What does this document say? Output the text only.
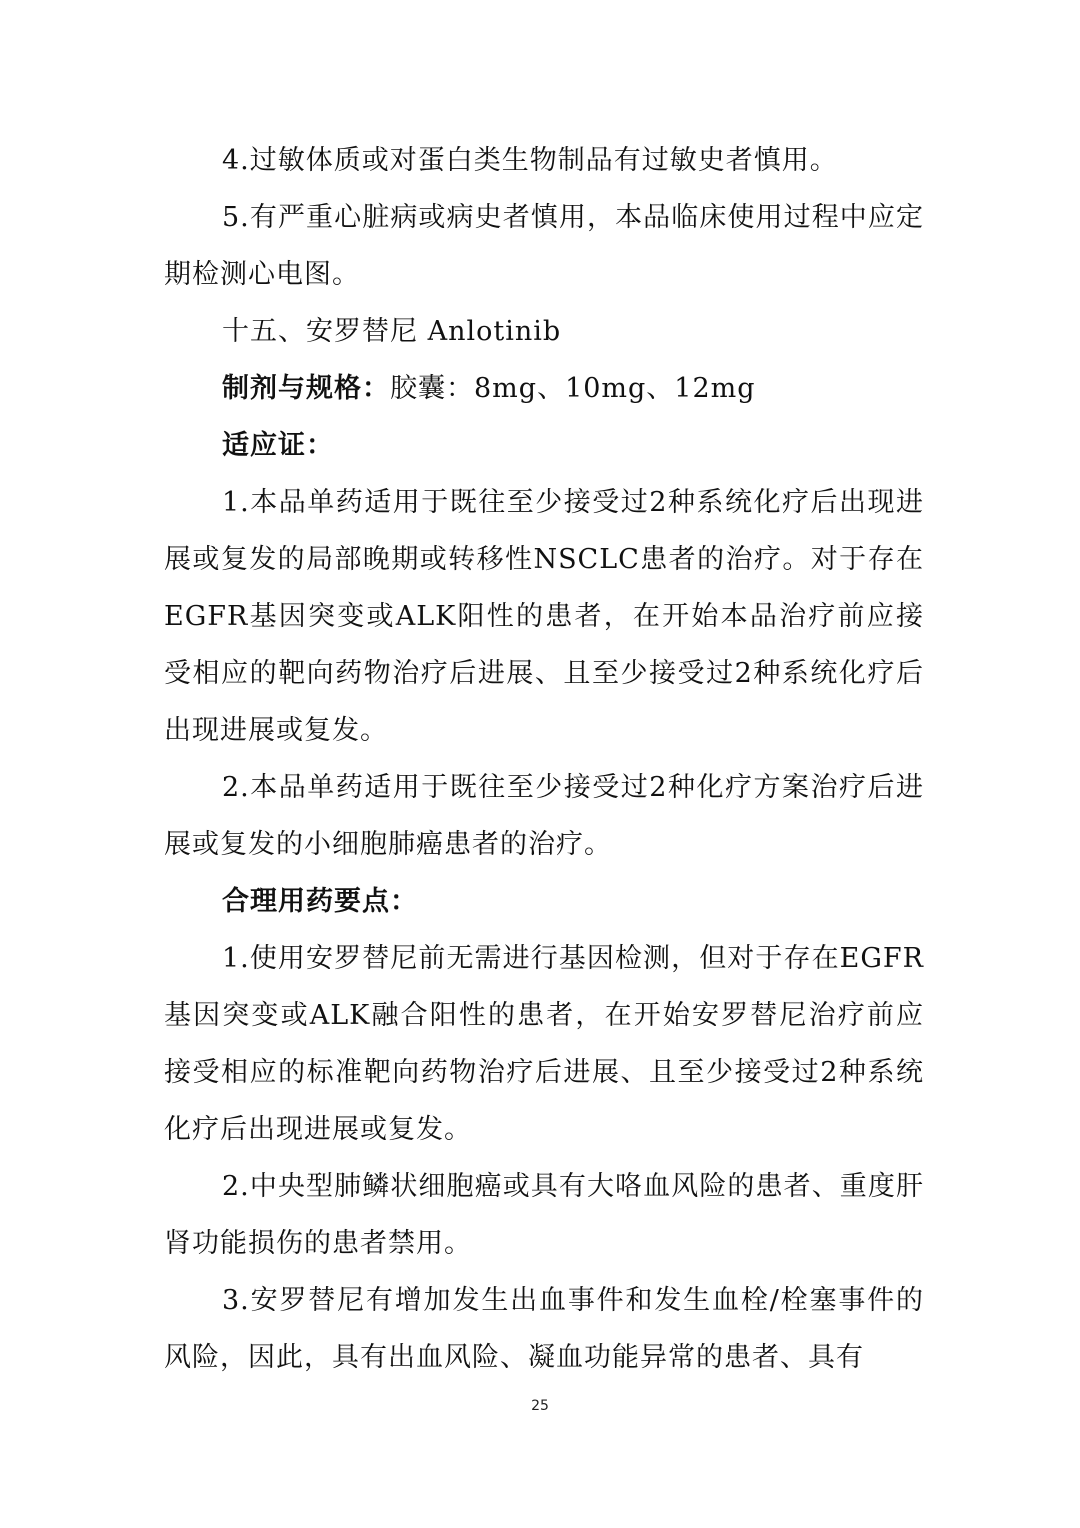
4.过敏体质或对蛋白类生物制品有过敏史者慎用。

5.有严重心脏病或病史者慎用，本品临床使用过程中应定期检测心电图。

十五、安罗替尼 Anlotinib

制剂与规格：胶囊：8mg、10mg、12mg

适应证：

1.本品单药适用于既往至少接受过2种系统化疗后出现进展或复发的局部晚期或转移性NSCLC患者的治疗。对于存在EGFR基因突变或ALK阳性的患者，在开始本品治疗前应接受相应的靶向药物治疗后进展、且至少接受过2种系统化疗后出现进展或复发。

2.本品单药适用于既往至少接受过2种化疗方案治疗后进展或复发的小细胞肺癌患者的治疗。

合理用药要点：

1.使用安罗替尼前无需进行基因检测，但对于存在EGFR基因突变或ALK融合阳性的患者，在开始安罗替尼治疗前应接受相应的标准靶向药物治疗后进展、且至少接受过2种系统化疗后出现进展或复发。

2.中央型肺鳞状细胞癌或具有大咯血风险的患者、重度肝肾功能损伤的患者禁用。

3.安罗替尼有增加发生出血事件和发生血栓/栓塞事件的风险，因此，具有出血风险、凝血功能异常的患者、具有

25
